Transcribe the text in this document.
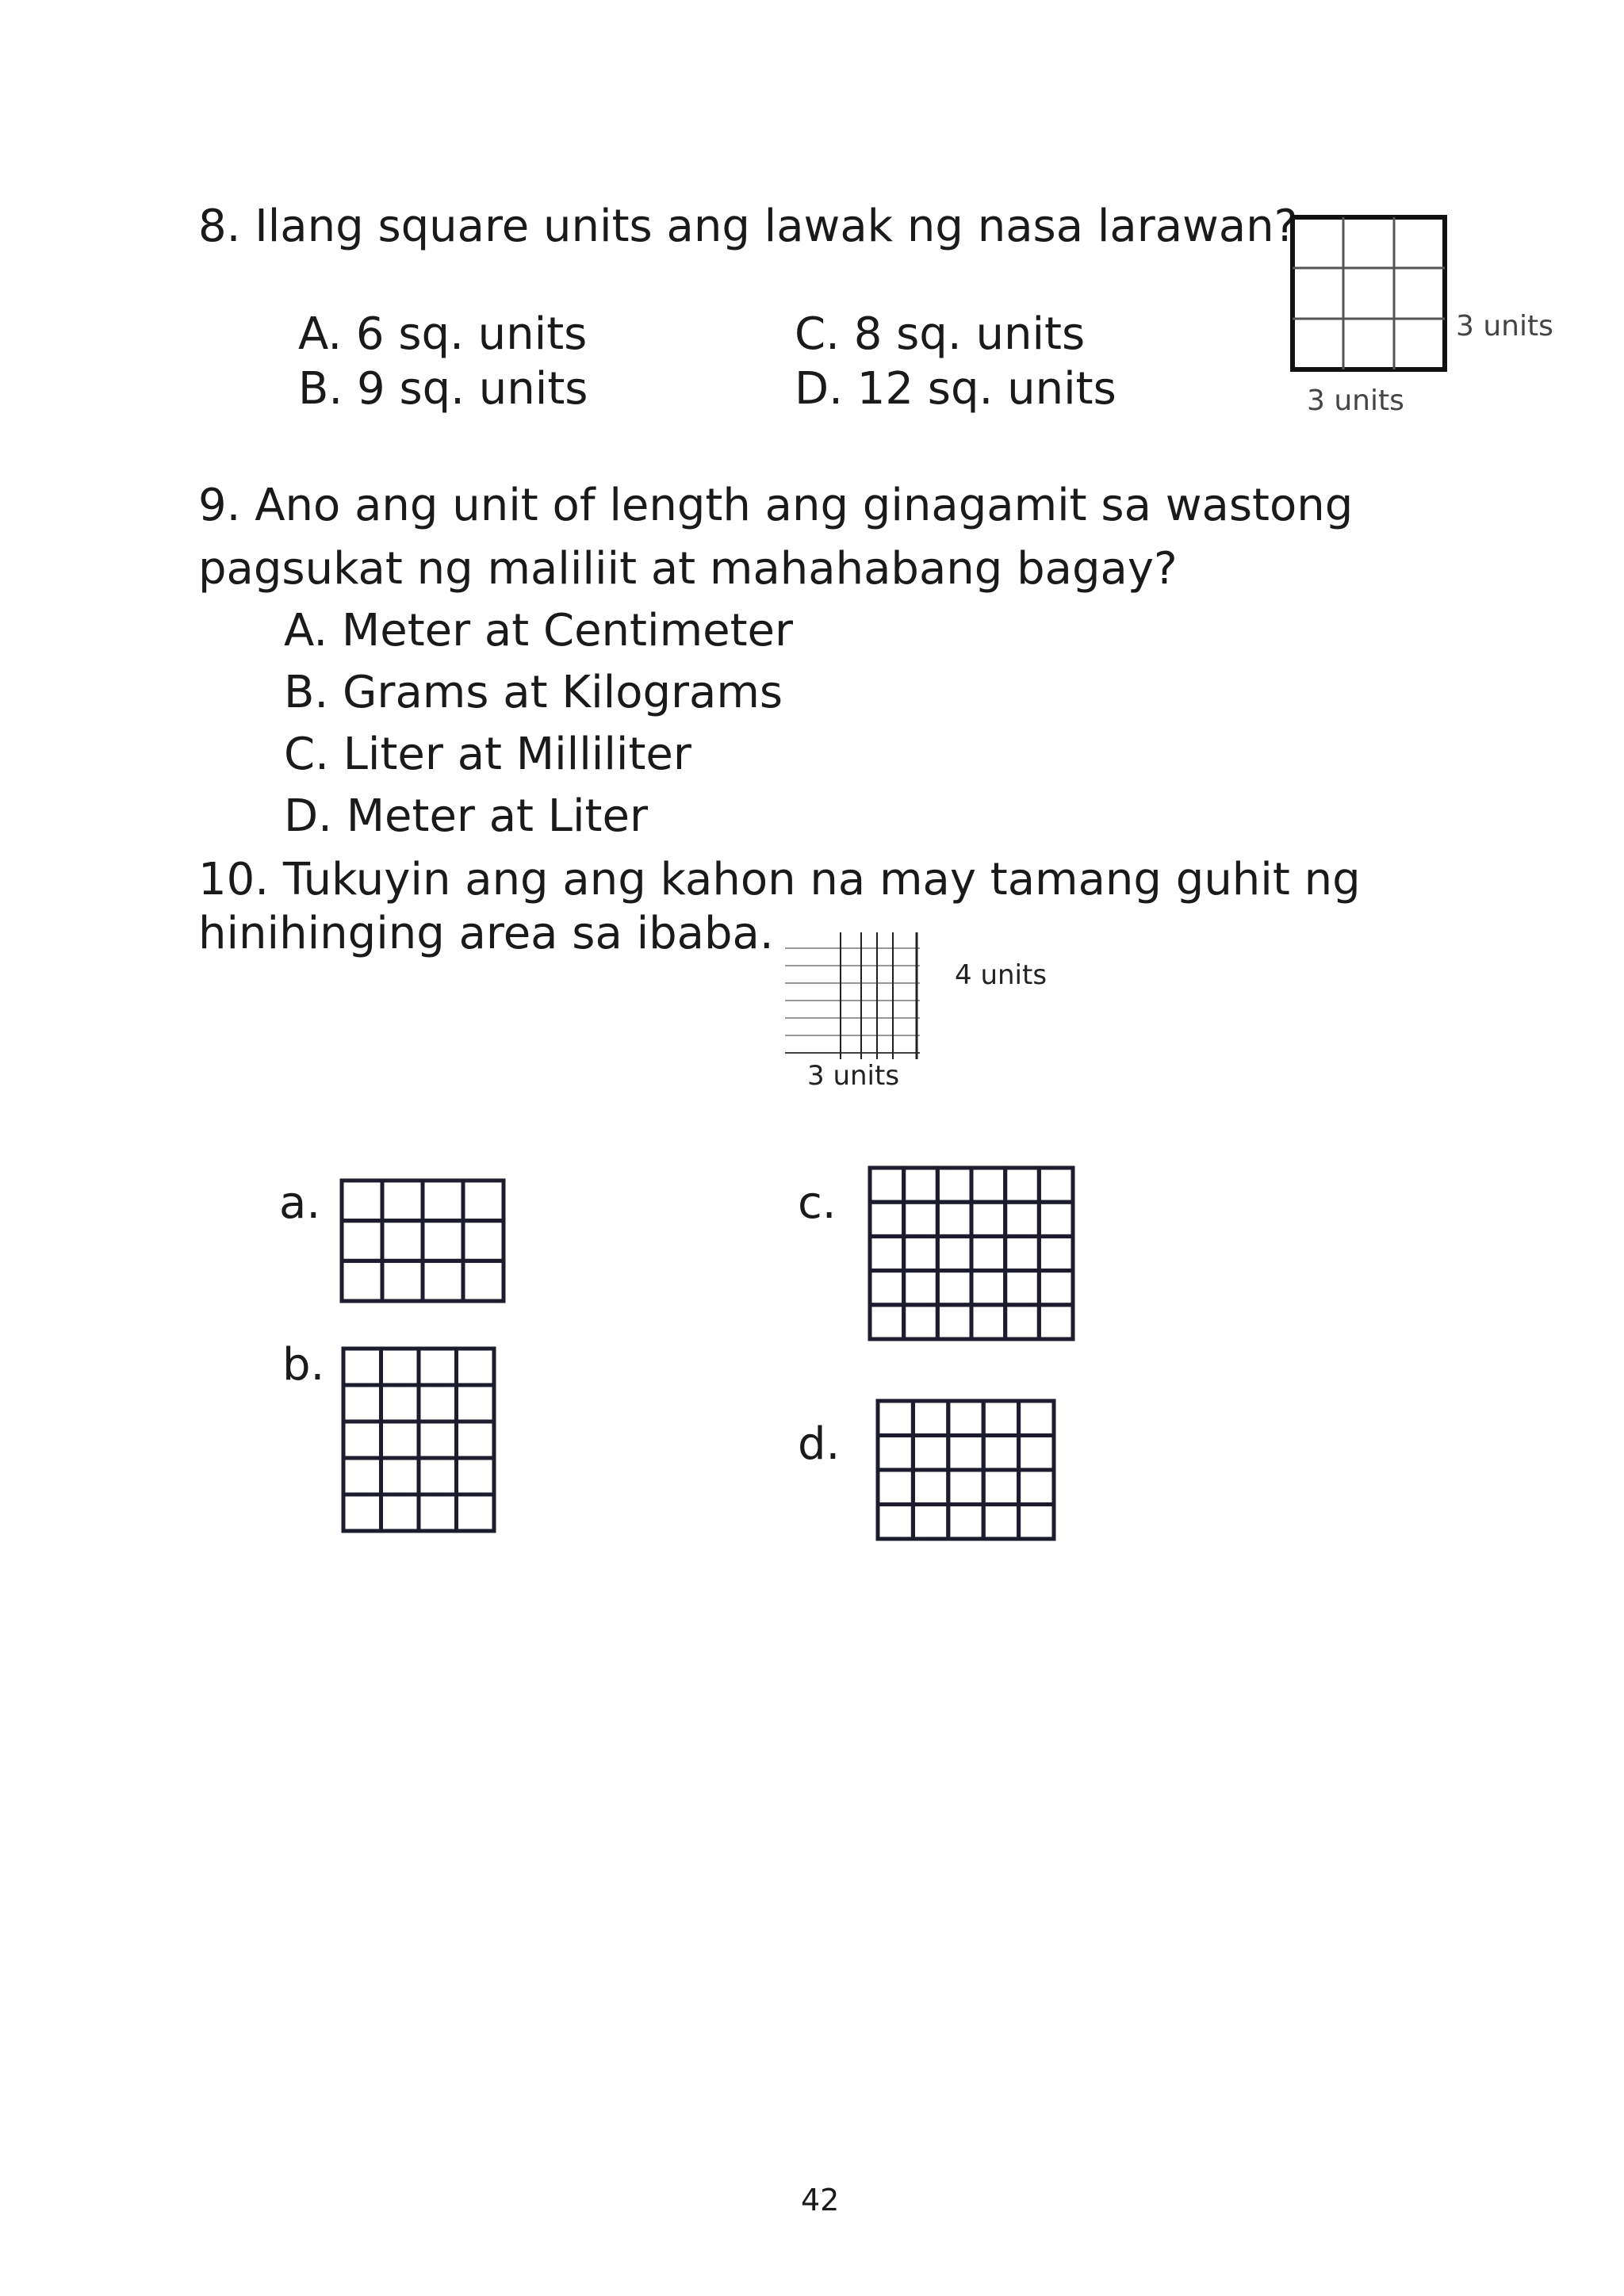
8. Ilang square units ang lawak ng nasa larawan?
A. 6 sq. units
B. 9 sq. units
C. 8 sq. units
D. 12 sq. units
3 units
3 units
9. Ano ang unit of length ang ginagamit sa wastong
pagsukat ng maliliit at mahahabang bagay?
A. Meter at Centimeter
B. Grams at Kilograms
C. Liter at Milliliter
D. Meter at Liter
10. Tukuyin ang ang kahon na may tamang guhit ng
hinihinging area sa ibaba.
4 units
3 units
a.
b.
c.
d.
42
